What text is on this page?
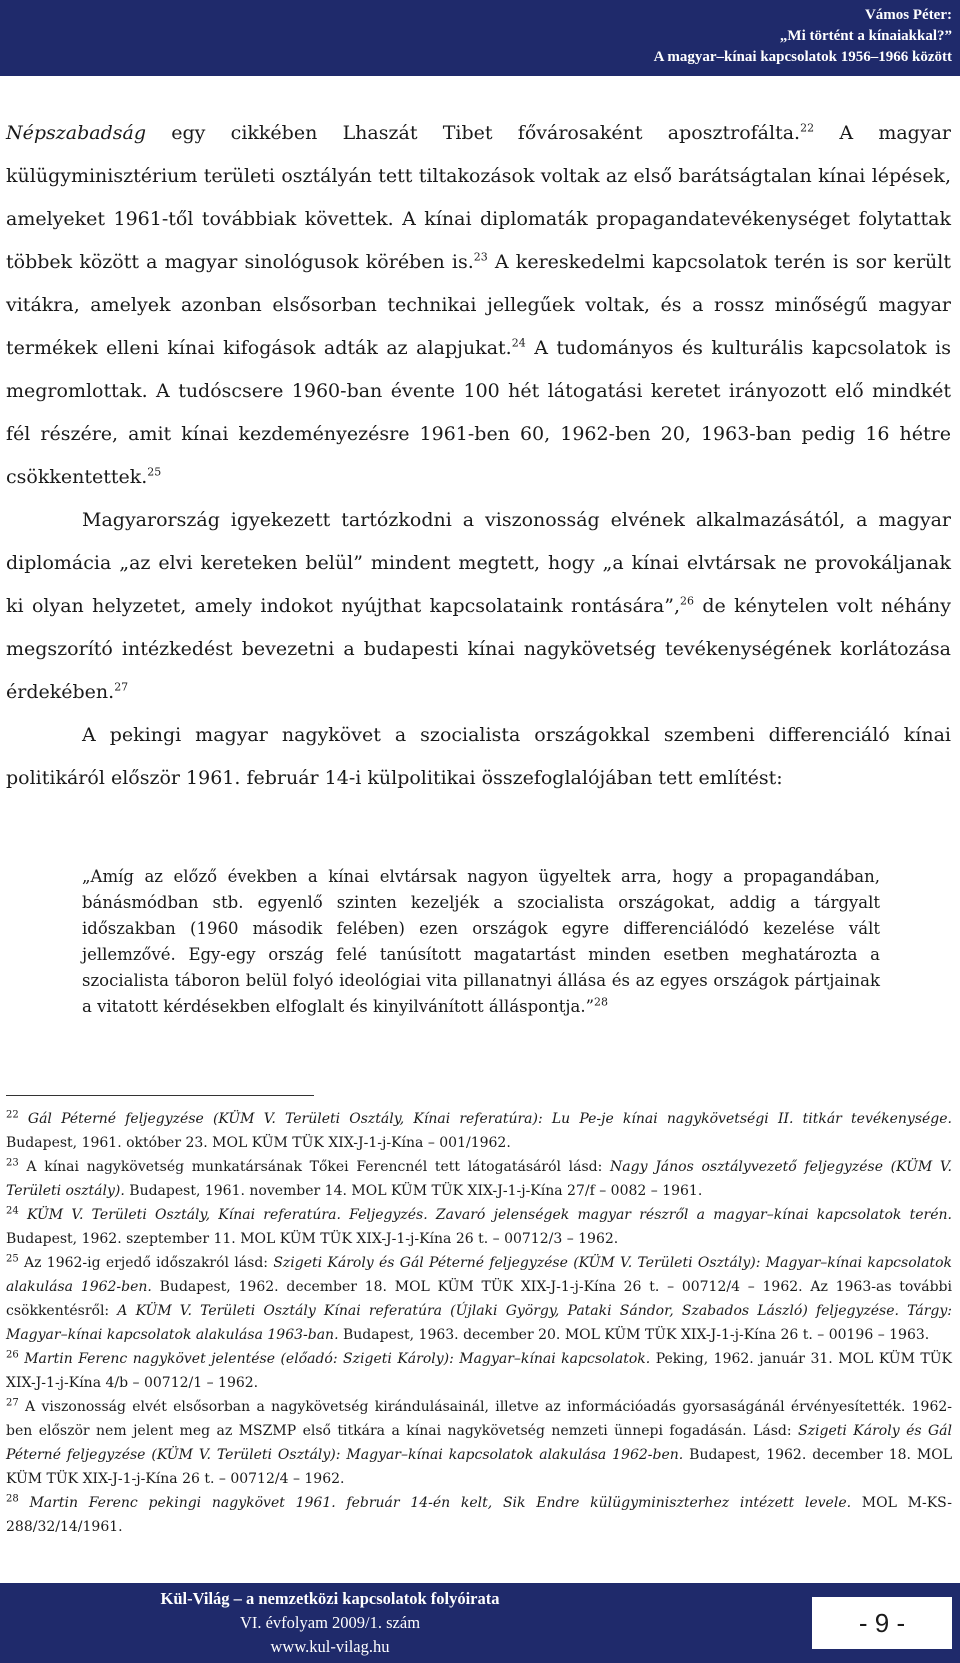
Vámos Péter:
„Mi történt a kínaiakkal?”
A magyar–kínai kapcsolatok 1956–1966 között

Népszabadság egy cikkében Lhaszát Tibet fővárosaként aposztrofálta.$^{22}$ A magyar külügyminisztérium területi osztályán tett tiltakozások voltak az első barátságtalan kínai lépések, amelyeket 1961-től továbbiak követtek. A kínai diplomaták propagandatevékenységet folytattak többek között a magyar sinológusok körében is.$^{23}$ A kereskedelmi kapcsolatok terén is sor került vitákra, amelyek azonban elsősorban technikai jellegűek voltak, és a rossz minőségű magyar termékek elleni kínai kifogások adták az alapjukat.$^{24}$ A tudományos és kulturális kapcsolatok is megromlottak. A tudóscsere 1960-ban évente 100 hét látogatási keretet irányozott elő mindkét fél részére, amit kínai kezdeményezésre 1961-ben 60, 1962-ben 20, 1963-ban pedig 16 hétre csökkentettek.$^{25}$

Magyarország igyekezett tartózkodni a viszonosság elvének alkalmazásától, a magyar diplomácia „az elvi kereteken belül” mindent megtett, hogy „a kínai elvtársak ne provokáljanak ki olyan helyzetet, amely indokot nyújthat kapcsolataink rontására”,$^{26}$ de kénytelen volt néhány megszorító intézkedést bevezetni a budapesti kínai nagykövetség tevékenységének korlátozása érdekében.$^{27}$

A pekingi magyar nagykövet a szocialista országokkal szembeni differenciáló kínai politikáról először 1961. február 14-i külpolitikai összefoglalójában tett említést:

„Amíg az előző években a kínai elvtársak nagyon ügyeltek arra, hogy a propagandában, bánásmódban stb. egyenlő szinten kezeljék a szocialista országokat, addig a tárgyalt időszakban (1960 második felében) ezen országok egyre differenciálódó kezelése vált jellemzővé. Egy-egy ország felé tanúsított magatartást minden esetben meghatározta a szocialista táboron belül folyó ideológiai vita pillanatnyi állása és az egyes országok pártjainak a vitatott kérdésekben elfoglalt és kinyilvánított álláspontja.”$^{28}$

$^{22}$ Gál Péterné feljegyzése (KÜM V. Területi Osztály, Kínai referatúra): Lu Pe-je kínai nagykövetségi II. titkár tevékenysége. Budapest, 1961. október 23. MOL KÜM TÜK XIX-J-1-j-Kína – 001/1962.

$^{23}$ A kínai nagykövetség munkatársának Tőkei Ferencnél tett látogatásáról lásd: Nagy János osztályvezető feljegyzése (KÜM V. Területi osztály). Budapest, 1961. november 14. MOL KÜM TÜK XIX-J-1-j-Kína 27/f – 0082 – 1961.

$^{24}$ KÜM V. Területi Osztály, Kínai referatúra. Feljegyzés. Zavaró jelenségek magyar részről a magyar–kínai kapcsolatok terén. Budapest, 1962. szeptember 11. MOL KÜM TÜK XIX-J-1-j-Kína 26 t. – 00712/3 – 1962.

$^{25}$ Az 1962-ig erjedő időszakról lásd: Szigeti Károly és Gál Péterné feljegyzése (KÜM V. Területi Osztály): Magyar–kínai kapcsolatok alakulása 1962-ben. Budapest, 1962. december 18. MOL KÜM TÜK XIX-J-1-j-Kína 26 t. – 00712/4 – 1962. Az 1963-as további csökkentésről: A KÜM V. Területi Osztály Kínai referatúra (Újlaki György, Pataki Sándor, Szabados László) feljegyzése. Tárgy: Magyar–kínai kapcsolatok alakulása 1963-ban. Budapest, 1963. december 20. MOL KÜM TÜK XIX-J-1-j-Kína 26 t. – 00196 – 1963.

$^{26}$ Martin Ferenc nagykövet jelentése (előadó: Szigeti Károly): Magyar–kínai kapcsolatok. Peking, 1962. január 31. MOL KÜM TÜK XIX-J-1-j-Kína 4/b – 00712/1 – 1962.

$^{27}$ A viszonosság elvét elsősorban a nagykövetség kirándulásainál, illetve az információadás gyorsaságánál érvényesítették. 1962-ben először nem jelent meg az MSZMP első titkára a kínai nagykövetség nemzeti ünnepi fogadásán. Lásd: Szigeti Károly és Gál Péterné feljegyzése (KÜM V. Területi Osztály): Magyar–kínai kapcsolatok alakulása 1962-ben. Budapest, 1962. december 18. MOL KÜM TÜK XIX-J-1-j-Kína 26 t. – 00712/4 – 1962.

$^{28}$ Martin Ferenc pekingi nagykövet 1961. február 14-én kelt, Sik Endre külügyminiszterhez intézett levele. MOL M-KS-288/32/14/1961.

Kül-Világ – a nemzetközi kapcsolatok folyóirata
VI. évfolyam 2009/1. szám
www.kul-vilag.hu
- 9 -
